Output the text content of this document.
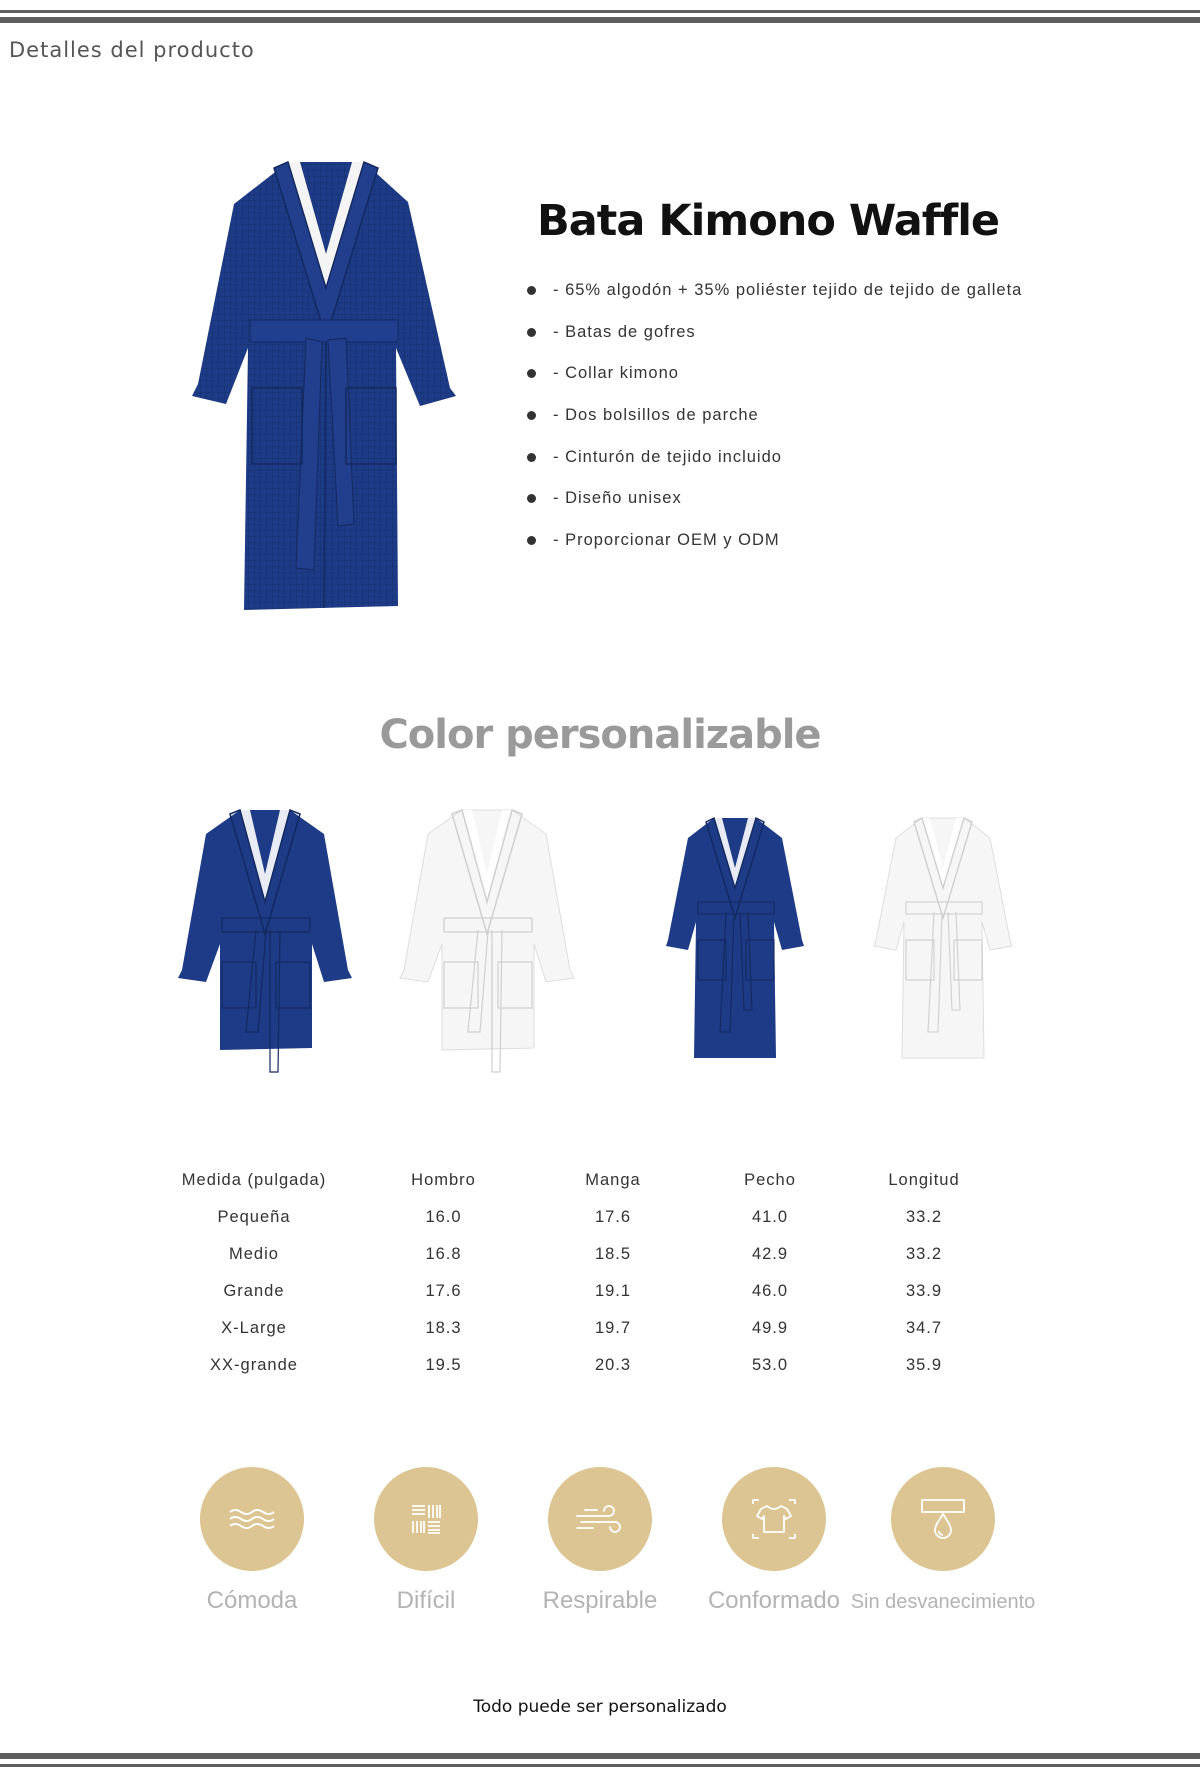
Detalles del producto
Bata Kimono Waffle
- 65% algodón + 35% poliéster tejido de tejido de galleta
- Batas de gofres
- Collar kimono
- Dos bolsillos de parche
- Cinturón de tejido incluido
- Diseño unisex
- Proporcionar OEM y ODM
Color personalizable
Medida (pulgada)	Hombro	Manga	Pecho	Longitud
Pequeña	16.0	17.6	41.0	33.2
Medio	16.8	18.5	42.9	33.2
Grande	17.6	19.1	46.0	33.9
X-Large	18.3	19.7	49.9	34.7
XX-grande	19.5	20.3	53.0	35.9
Cómoda	Difícil	Respirable	Conformado Sin desvanecimiento
Todo puede ser personalizado
